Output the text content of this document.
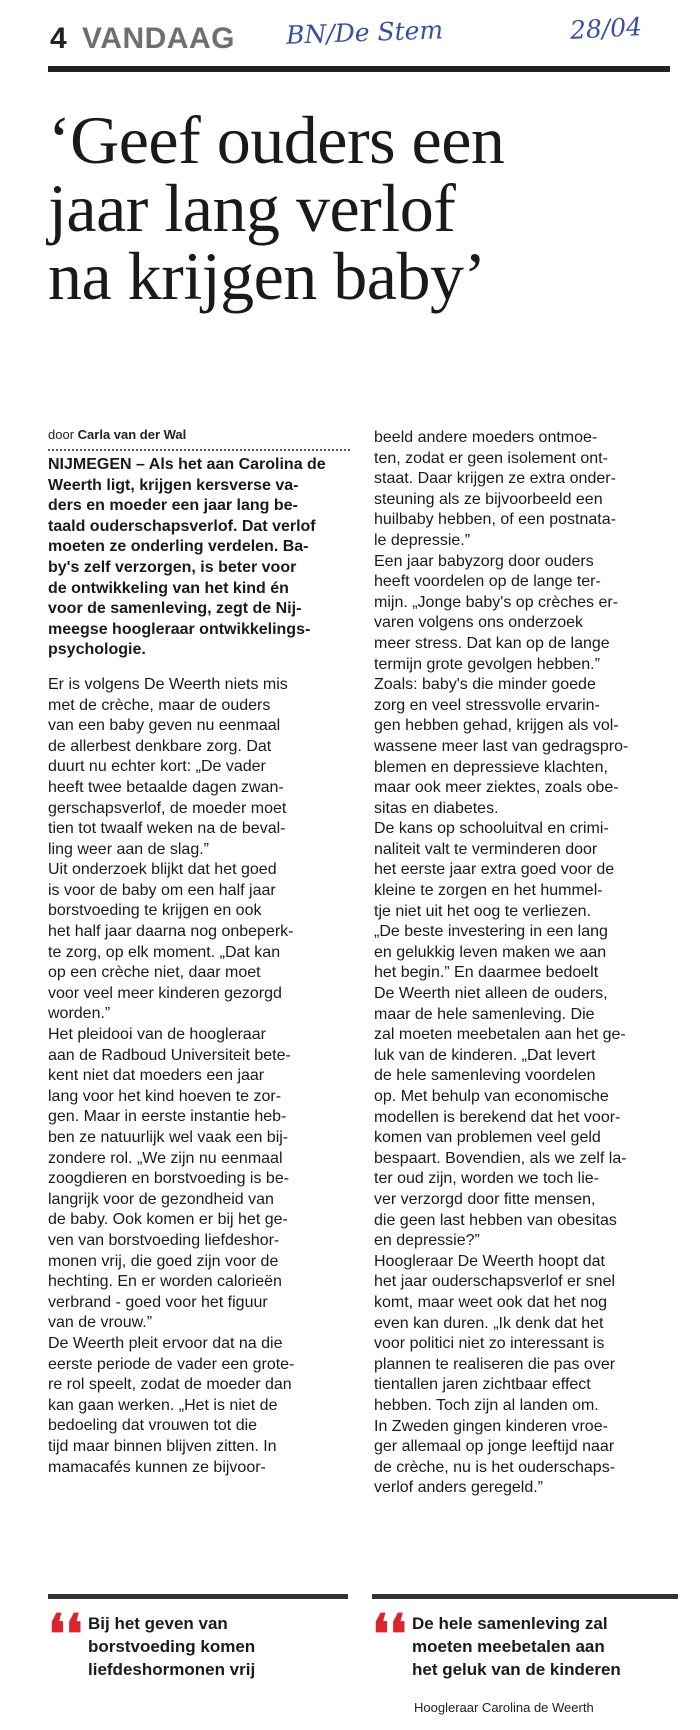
4 VANDAAG BN/De Stem	28/04
‘Geef ouders een
jaar lang verlof
na krijgen baby’
door Carla van der Wal
NIJMEGEN – Als het aan Carolina de
Weerth ligt, krijgen kersverse va-
ders en moeder een jaar lang be-
taald ouderschapsverlof. Dat verlof
moeten ze onderling verdelen. Ba-
by's zelf verzorgen, is beter voor
de ontwikkeling van het kind én
voor de samenleving, zegt de Nij-
meegse hoogleraar ontwikkelings-
psychologie.
Er is volgens De Weerth niets mis
met de crèche, maar de ouders
van een baby geven nu eenmaal
de allerbest denkbare zorg. Dat
duurt nu echter kort: „De vader
heeft twee betaalde dagen zwan-
gerschapsverlof, de moeder moet
tien tot twaalf weken na de beval-
ling weer aan de slag.”
Uit onderzoek blijkt dat het goed
is voor de baby om een half jaar
borstvoeding te krijgen en ook
het half jaar daarna nog onbeperk-
te zorg, op elk moment. „Dat kan
op een crèche niet, daar moet
voor veel meer kinderen gezorgd
worden.”
Het pleidooi van de hoogleraar
aan de Radboud Universiteit bete-
kent niet dat moeders een jaar
lang voor het kind hoeven te zor-
gen. Maar in eerste instantie heb-
ben ze natuurlijk wel vaak een bij-
zondere rol. „We zijn nu eenmaal
zoogdieren en borstvoeding is be-
langrijk voor de gezondheid van
de baby. Ook komen er bij het ge-
ven van borstvoeding liefdeshor-
monen vrij, die goed zijn voor de
hechting. En er worden calorieën
verbrand - goed voor het figuur
van de vrouw.”
De Weerth pleit ervoor dat na die
eerste periode de vader een grote-
re rol speelt, zodat de moeder dan
kan gaan werken. „Het is niet de
bedoeling dat vrouwen tot die
tijd maar binnen blijven zitten. In
mamacafés kunnen ze bijvoor-
beeld andere moeders ontmoe-
ten, zodat er geen isolement ont-
staat. Daar krijgen ze extra onder-
steuning als ze bijvoorbeeld een
huilbaby hebben, of een postnata-
le depressie.”
Een jaar babyzorg door ouders
heeft voordelen op de lange ter-
mijn. „Jonge baby's op crèches er-
varen volgens ons onderzoek
meer stress. Dat kan op de lange
termijn grote gevolgen hebben.”
Zoals: baby's die minder goede
zorg en veel stressvolle ervarin-
gen hebben gehad, krijgen als vol-
wassene meer last van gedragspro-
blemen en depressieve klachten,
maar ook meer ziektes, zoals obe-
sitas en diabetes.
De kans op schooluitval en crimi-
naliteit valt te verminderen door
het eerste jaar extra goed voor de
kleine te zorgen en het hummel-
tje niet uit het oog te verliezen.
„De beste investering in een lang
en gelukkig leven maken we aan
het begin.” En daarmee bedoelt
De Weerth niet alleen de ouders,
maar de hele samenleving. Die
zal moeten meebetalen aan het ge-
luk van de kinderen. „Dat levert
de hele samenleving voordelen
op. Met behulp van economische
modellen is berekend dat het voor-
komen van problemen veel geld
bespaart. Bovendien, als we zelf la-
ter oud zijn, worden we toch lie-
ver verzorgd door fitte mensen,
die geen last hebben van obesitas
en depressie?”
Hoogleraar De Weerth hoopt dat
het jaar ouderschapsverlof er snel
komt, maar weet ook dat het nog
even kan duren. „Ik denk dat het
voor politici niet zo interessant is
plannen te realiseren die pas over
tientallen jaren zichtbaar effect
hebben. Toch zijn al landen om.
In Zweden gingen kinderen vroe-
ger allemaal op jonge leeftijd naar
de crèche, nu is het ouderschaps-
verlof anders geregeld.”
❛❛ Bij het geven van
borstvoeding komen
liefdeshormonen vrij
❛❛ De hele samenleving zal
moeten meebetalen aan
het geluk van de kinderen
Hoogleraar Carolina de Weerth
